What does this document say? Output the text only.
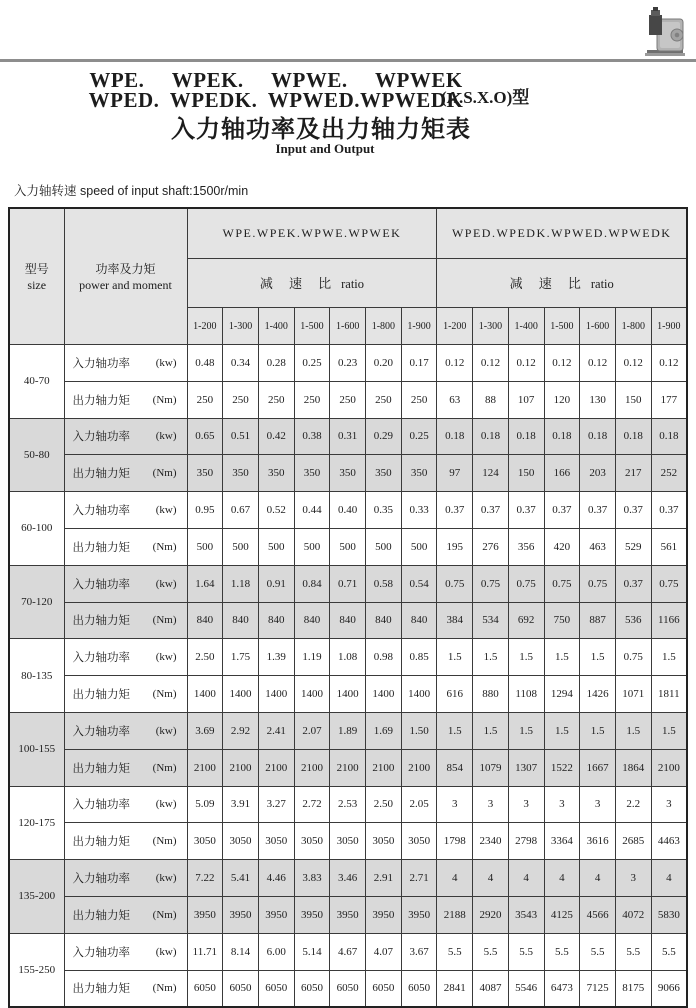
WPE. WPEK. WPWE. WPWEK
WPED. WPEDK. WPWED.WPWEDK
(A.S.X.O)型
入力轴功率及出力轴力矩表
Input and Output
入力轴转速 speed of input shaft:1500r/min
型号
size	功率及力矩
power and moment	WPE.WPEK.WPWE.WPWEK							WPED.WPEDK.WPWED.WPWEDK						
		减 速 比 ratio							减 速 比 ratio						
		1-200	1-300	1-400	1-500	1-600	1-800	1-900	1-200	1-300	1-400	1-500	1-600	1-800	1-900
40-70	入力轴功率 (kw)	0.48	0.34	0.28	0.25	0.23	0.20	0.17	0.12	0.12	0.12	0.12	0.12	0.12	0.12

	出力轴力矩 (Nm)	250	250	250	250	250	250	250	63	88	107	120	130	150	177
50-80	入力轴功率 (kw)	0.65	0.51	0.42	0.38	0.31	0.29	0.25	0.18	0.18	0.18	0.18	0.18	0.18	0.18

	出力轴力矩 (Nm)	350	350	350	350	350	350	350	97	124	150	166	203	217	252
60-100	入力轴功率 (kw)	0.95	0.67	0.52	0.44	0.40	0.35	0.33	0.37	0.37	0.37	0.37	0.37	0.37	0.37

	出力轴力矩 (Nm)	500	500	500	500	500	500	500	195	276	356	420	463	529	561
70-120	入力轴功率 (kw)	1.64	1.18	0.91	0.84	0.71	0.58	0.54	0.75	0.75	0.75	0.75	0.75	0.37	0.75

	出力轴力矩 (Nm)	840	840	840	840	840	840	840	384	534	692	750	887	536	1166
80-135	入力轴功率 (kw)	2.50	1.75	1.39	1.19	1.08	0.98	0.85	1.5	1.5	1.5	1.5	1.5	0.75	1.5

	出力轴力矩 (Nm)	1400	1400	1400	1400	1400	1400	1400	616	880	1108	1294	1426	1071	1811
100-155	入力轴功率 (kw)	3.69	2.92	2.41	2.07	1.89	1.69	1.50	1.5	1.5	1.5	1.5	1.5	1.5	1.5

	出力轴力矩 (Nm)	2100	2100	2100	2100	2100	2100	2100	854	1079	1307	1522	1667	1864	2100
120-175	入力轴功率 (kw)	5.09	3.91	3.27	2.72	2.53	2.50	2.05	3	3	3	3	3	2.2	3

	出力轴力矩 (Nm)	3050	3050	3050	3050	3050	3050	3050	1798	2340	2798	3364	3616	2685	4463
135-200	入力轴功率 (kw)	7.22	5.41	4.46	3.83	3.46	2.91	2.71	4	4	4	4	4	3	4

	出力轴力矩 (Nm)	3950	3950	3950	3950	3950	3950	3950	2188	2920	3543	4125	4566	4072	5830
155-250	入力轴功率 (kw)	11.71	8.14	6.00	5.14	4.67	4.07	3.67	5.5	5.5	5.5	5.5	5.5	5.5	5.5

	出力轴力矩 (Nm)	6050	6050	6050	6050	6050	6050	6050	2841	4087	5546	6473	7125	8175	9066
